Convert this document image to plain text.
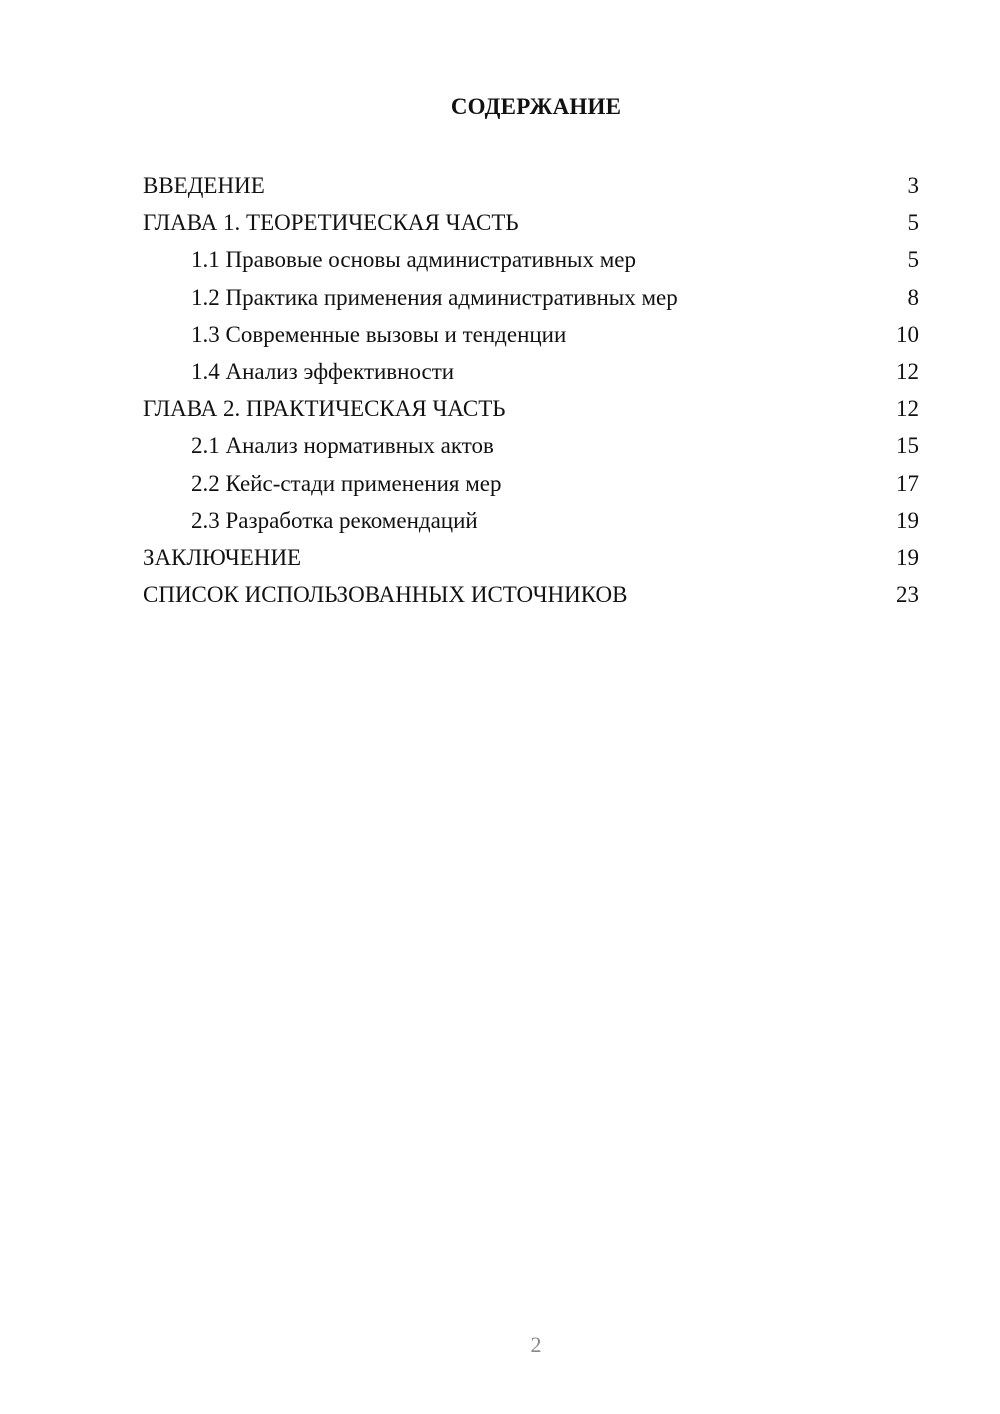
СОДЕРЖАНИЕ
ВВЕДЕНИЕ	3
ГЛАВА 1. ТЕОРЕТИЧЕСКАЯ ЧАСТЬ	5
1.1 Правовые основы административных мер	5
1.2 Практика применения административных мер	8
1.3 Современные вызовы и тенденции	10
1.4 Анализ эффективности	12
ГЛАВА 2. ПРАКТИЧЕСКАЯ ЧАСТЬ	12
2.1 Анализ нормативных актов	15
2.2 Кейс-стади применения мер	17
2.3 Разработка рекомендаций	19
ЗАКЛЮЧЕНИЕ	19
СПИСОК ИСПОЛЬЗОВАННЫХ ИСТОЧНИКОВ	23
2
